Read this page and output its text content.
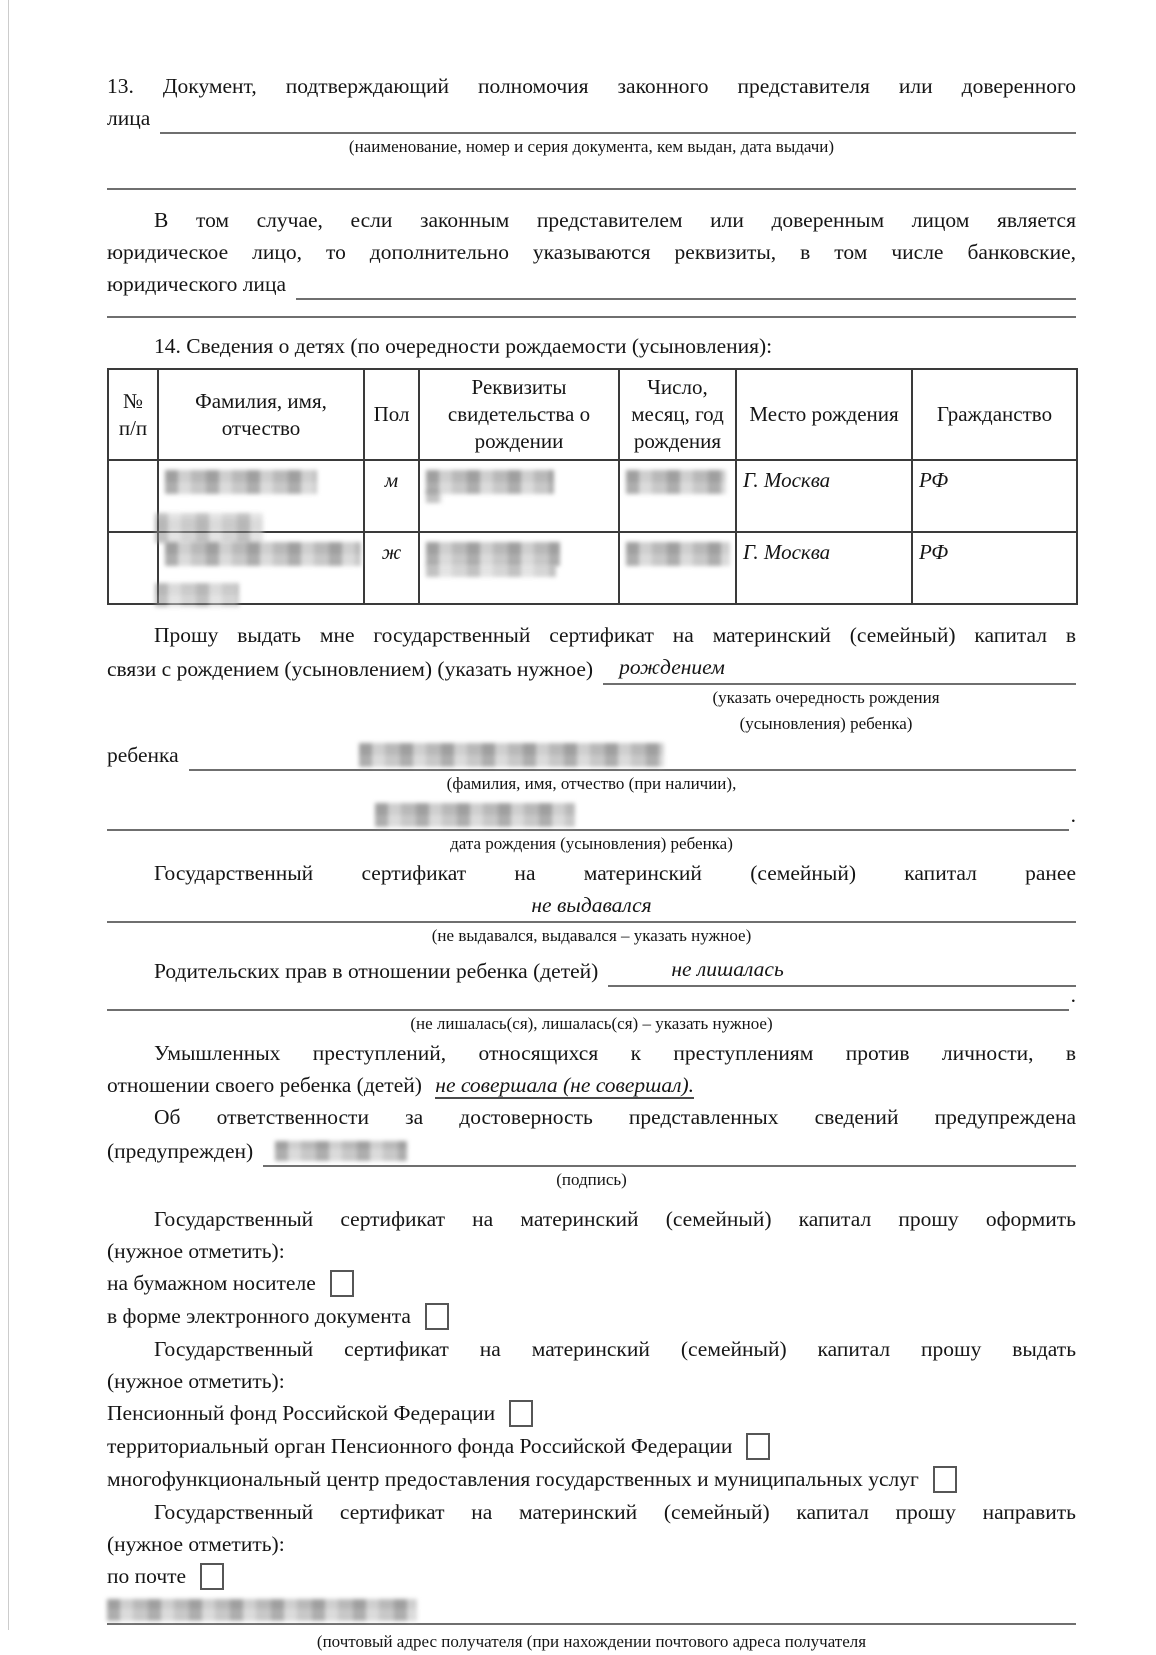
13. Документ, подтверждающий полномочия законного представителя или доверенного
лица
(наименование, номер и серия документа, кем выдан, дата выдачи)
В том случае, если законным представителем или доверенным лицом является
юридическое лицо, то дополнительно указываются реквизиты, в том числе банковские,
юридического лица
14. Сведения о детях (по очередности рождаемости (усыновления):
№ п/п	Фамилия, имя, отчество	Пол	Реквизиты свидетельства о рождении	Число, месяц, год рождения	Место рождения	Гражданство

	м			Г. Москва	РФ

	ж			Г. Москва	РФ
Прошу выдать мне государственный сертификат на материнский (семейный) капитал в
связи с рождением (усыновлением) (указать нужное)	рождением
(указать очередность рождения
(усыновления) ребенка)
ребенка
(фамилия, имя, отчество (при наличии),
.
дата рождения (усыновления) ребенка)
Государственный сертификат на материнский (семейный) капитал ранее
не выдавался
(не выдавался, выдавался – указать нужное)
Родительских прав в отношении ребенка (детей)	не лишалась
.
(не лишалась(ся), лишалась(ся) – указать нужное)
Умышленных преступлений, относящихся к преступлениям против личности, в
отношении своего ребенка (детей) не совершала (не совершал).
Об ответственности за достоверность представленных сведений предупреждена
(предупрежден)
(подпись)
Государственный сертификат на материнский (семейный) капитал прошу оформить
(нужное отметить):
на бумажном носителе
в форме электронного документа
Государственный сертификат на материнский (семейный) капитал прошу выдать
(нужное отметить):
Пенсионный фонд Российской Федерации
территориальный орган Пенсионного фонда Российской Федерации
многофункциональный центр предоставления государственных и муниципальных услуг
Государственный сертификат на материнский (семейный) капитал прошу направить
(нужное отметить):
по почте
(почтовый адрес получателя (при нахождении почтового адреса получателя
